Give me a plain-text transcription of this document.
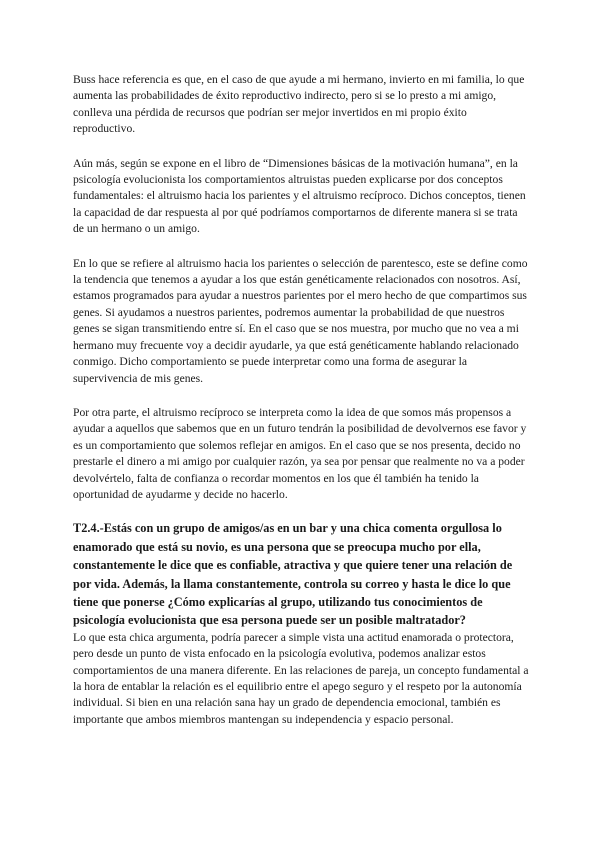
Buss hace referencia es que, en el caso de que ayude a mi hermano, invierto en mi familia, lo que aumenta las probabilidades de éxito reproductivo indirecto, pero si se lo presto a mi amigo, conlleva una pérdida de recursos que podrían ser mejor invertidos en mi propio éxito reproductivo.

Aún más, según se expone en el libro de “Dimensiones básicas de la motivación humana”, en la psicología evolucionista los comportamientos altruistas pueden explicarse por dos conceptos fundamentales: el altruismo hacia los parientes y el altruismo recíproco. Dichos conceptos, tienen la capacidad de dar respuesta al por qué podríamos comportarnos de diferente manera si se trata de un hermano o un amigo.

En lo que se refiere al altruismo hacia los parientes o selección de parentesco, este se define como la tendencia que tenemos a ayudar a los que están genéticamente relacionados con nosotros. Así, estamos programados para ayudar a nuestros parientes por el mero hecho de que compartimos sus genes. Si ayudamos a nuestros parientes, podremos aumentar la probabilidad de que nuestros genes se sigan transmitiendo entre sí. En el caso que se nos muestra, por mucho que no vea a mi hermano muy frecuente voy a decidir ayudarle, ya que está genéticamente hablando relacionado conmigo. Dicho comportamiento se puede interpretar como una forma de asegurar la supervivencia de mis genes.

Por otra parte, el altruismo recíproco se interpreta como la idea de que somos más propensos a ayudar a aquellos que sabemos que en un futuro tendrán la posibilidad de devolvernos ese favor y es un comportamiento que solemos reflejar en amigos. En el caso que se nos presenta, decido no prestarle el dinero a mi amigo por cualquier razón, ya sea por pensar que realmente no va a poder devolvértelo, falta de confianza o recordar momentos en los que él también ha tenido la oportunidad de ayudarme y decide no hacerlo.

T2.4.-Estás con un grupo de amigos/as en un bar y una chica comenta orgullosa lo enamorado que está su novio, es una persona que se preocupa mucho por ella, constantemente le dice que es confiable, atractiva y que quiere tener una relación de por vida. Además, la llama constantemente, controla su correo y hasta le dice lo que tiene que ponerse ¿Cómo explicarías al grupo, utilizando tus conocimientos de psicología evolucionista que esa persona puede ser un posible maltratador?

Lo que esta chica argumenta, podría parecer a simple vista una actitud enamorada o protectora, pero desde un punto de vista enfocado en la psicología evolutiva, podemos analizar estos comportamientos de una manera diferente. En las relaciones de pareja, un concepto fundamental a la hora de entablar la relación es el equilibrio entre el apego seguro y el respeto por la autonomía individual. Si bien en una relación sana hay un grado de dependencia emocional, también es importante que ambos miembros mantengan su independencia y espacio personal.
